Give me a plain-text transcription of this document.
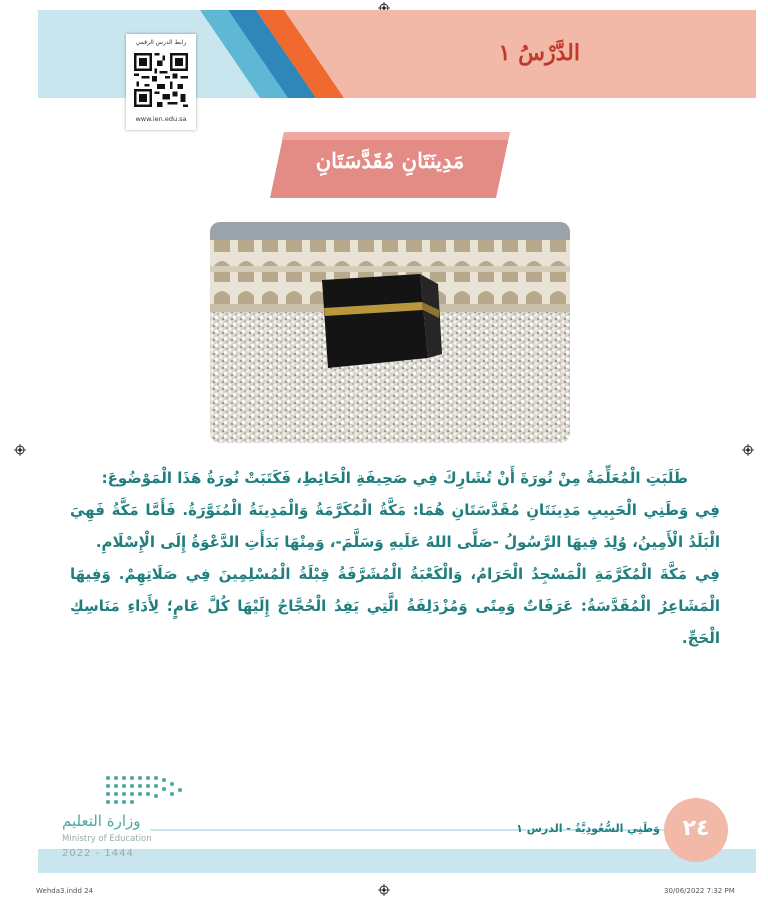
الدَّرْسُ ١
رابط الدرس الرقمي
www.ien.edu.sa
مَدِينَتَانِ مُقَدَّسَتَانِ

طَلَبَتِ الْمُعَلِّمَةُ مِنْ نُورَةَ أَنْ تُشَارِكَ فِي صَحِيفَةِ الْحَائِطِ، فَكَتَبَتْ نُورَةُ هَذَا الْمَوْضُوعَ:

فِي وَطَنِي الْحَبِيبِ مَدِينَتَانِ مُقَدَّسَتَانِ هُمَا: مَكَّةُ الْمُكَرَّمَةُ وَالْمَدِينَةُ الْمُنَوَّرَةُ. فَأَمَّا مَكَّةُ فَهِيَ الْبَلَدُ الْأَمِينُ، وُلِدَ فِيهَا الرَّسُولُ -صَلَّى اللهُ عَلَيهِ وَسَلَّمَ-، وَمِنْهَا بَدَأَتِ الدَّعْوَةُ إِلَى الْإِسْلَامِ.

فِي مَكَّةَ الْمُكَرَّمَةِ الْمَسْجِدُ الْحَرَامُ، وَالْكَعْبَةُ الْمُشَرَّفَةُ قِبْلَةُ الْمُسْلِمِينَ فِي صَلَاتِهِمْ. وَفِيهَا الْمَشَاعِرُ الْمُقَدَّسَةُ: عَرَفَاتٌ وَمِنًى وَمُزْدَلِفَةُ الَّتِي يَفِدُ الْحُجَّاجُ إِلَيْهَا كُلَّ عَامٍ؛ لِأَدَاءِ مَنَاسِكِ الْحَجِّ.

وزارة التعليم
Ministry of Education
2022 - 1444
٢٤
وَطَنِي السُّعُودِيَّةُ - الدرس ١
Wehda3.indd 24	30/06/2022 7:32 PM
